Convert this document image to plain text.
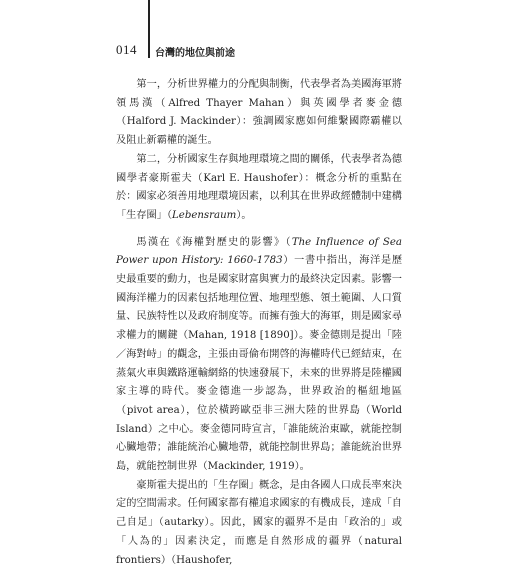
014 台灣的地位與前途

第一，分析世界權力的分配與制衡，代表學者為美國海軍將領馬漢（Alfred Thayer Mahan）與英國學者麥金德（Halford J. Mackinder）：強調國家應如何維繫國際霸權以及阻止新霸權的誕生。

第二，分析國家生存與地理環境之間的關係，代表學者為德國學者豪斯霍夫（Karl E. Haushofer）：概念分析的重點在於：國家必須善用地理環境因素，以利其在世界政經體制中建構「生存圈」（Lebensraum）。

馬漢在《海權對歷史的影響》（The Influence of Sea Power upon History: 1660-1783）一書中指出，海洋是歷史最重要的動力，也是國家財富與實力的最終決定因素。影響一國海洋權力的因素包括地理位置、地理型態、領土範圍、人口質量、民族特性以及政府制度等。而擁有強大的海軍，則是國家尋求權力的關鍵（Mahan, 1918 [1890]）。麥金德則是提出「陸／海對峙」的觀念，主張由哥倫布開啓的海權時代已經結束，在蒸氣火車與鐵路運輸網絡的快速發展下，未來的世界將是陸權國家主導的時代。麥金德進一步認為，世界政治的樞紐地區（pivot area），位於橫跨歐亞非三洲大陸的世界島（World Island）之中心。麥金德同時宣言，「誰能統治東歐，就能控制心臟地帶；誰能統治心臟地帶，就能控制世界島；誰能統治世界島，就能控制世界（Mackinder, 1919）。

豪斯霍夫提出的「生存圈」概念，是由各國人口成長率來決定的空間需求。任何國家都有權追求國家的有機成長，達成「自己自足」（autarky）。因此，國家的疆界不是由「政治的」或「人為的」因素決定，而應是自然形成的疆界（natural frontiers）（Haushofer,
